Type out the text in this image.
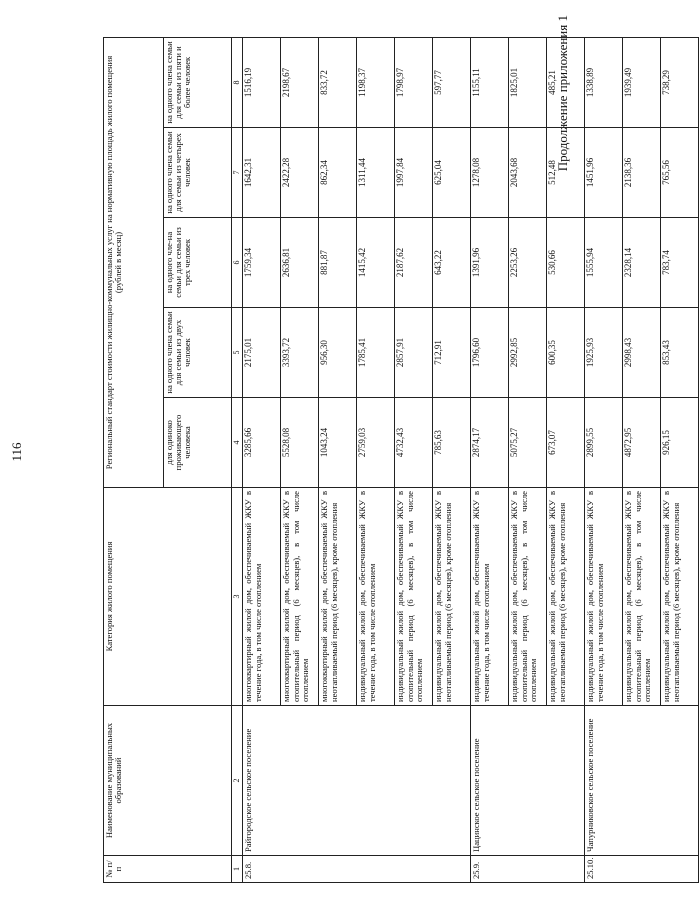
116
Продолжение приложения 1
№ п/п	Наименование муниципальных образований	Категория жилого помещения	Региональный стандарт стоимости жилищно-коммунальных услуг на нормативную площадь жилого помещения (рублей в месяц)				
			для одиноко проживающего человека	на одного члена семьи для семьи из двух человек	на одного чле-на семьи для семьи из трех человек	на одного члена семьи для семьи из четырех человек	на одного члена семьи для семьи из пяти и более человек
1	2	3	4	5	6	7	8
25.8.	Райгородское сельское поселение	многоквартирный жилой дом, обеспечиваемый ЖКУ в течение года, в том числе отоплением	3285,66	2175,01	1759,34	1642,31	1516,19
		многоквартирный жилой дом, обеспечиваемый ЖКУ в отопительный период (6 месяцев), в том числе отоплением	5528,08	3393,72	2636,81	2422,28	2198,67
		многоквартирный жилой дом, обеспечиваемый ЖКУ в неотапливаемый период (6 месяцев), кроме отопления	1043,24	956,30	881,87	862,34	833,72
		индивидуальный жилой дом, обеспечиваемый ЖКУ в течение года, в том числе отоплением	2759,03	1785,41	1415,42	1311,44	1198,37
		индивидуальный жилой дом, обеспечиваемый ЖКУ в отопительный период (6 месяцев), в том числе отоплением	4732,43	2857,91	2187,62	1997,84	1798,97
		индивидуальный жилой дом, обеспечиваемый ЖКУ в неотапливаемый период (6 месяцев), кроме отопления	785,63	712,91	643,22	625,04	597,77
25.9.	Цацинское сельское поселение	индивидуальный жилой дом, обеспечиваемый ЖКУ в течение года, в том числе отоплением	2874,17	1796,60	1391,96	1278,08	1155,11
		индивидуальный жилой дом, обеспечиваемый ЖКУ в отопительный период (6 месяцев), в том числе отоплением	5075,27	2992,85	2253,26	2043,68	1825,01
		индивидуальный жилой дом, обеспечиваемый ЖКУ в неотапливаемый период (6 месяцев), кроме отопления	673,07	600,35	530,66	512,48	485,21
25.10.	Чапурниковское сельское поселение	индивидуальный жилой дом, обеспечиваемый ЖКУ в течение года, в том числе отоплением	2899,55	1925,93	1555,94	1451,96	1338,89
		индивидуальный жилой дом, обеспечиваемый ЖКУ в отопительный период (6 месяцев), в том числе отоплением	4872,95	2998,43	2328,14	2138,36	1939,49
		индивидуальный жилой дом, обеспечиваемый ЖКУ в неотапливаемый период (6 месяцев), кроме отопления	926,15	853,43	783,74	765,56	738,29
